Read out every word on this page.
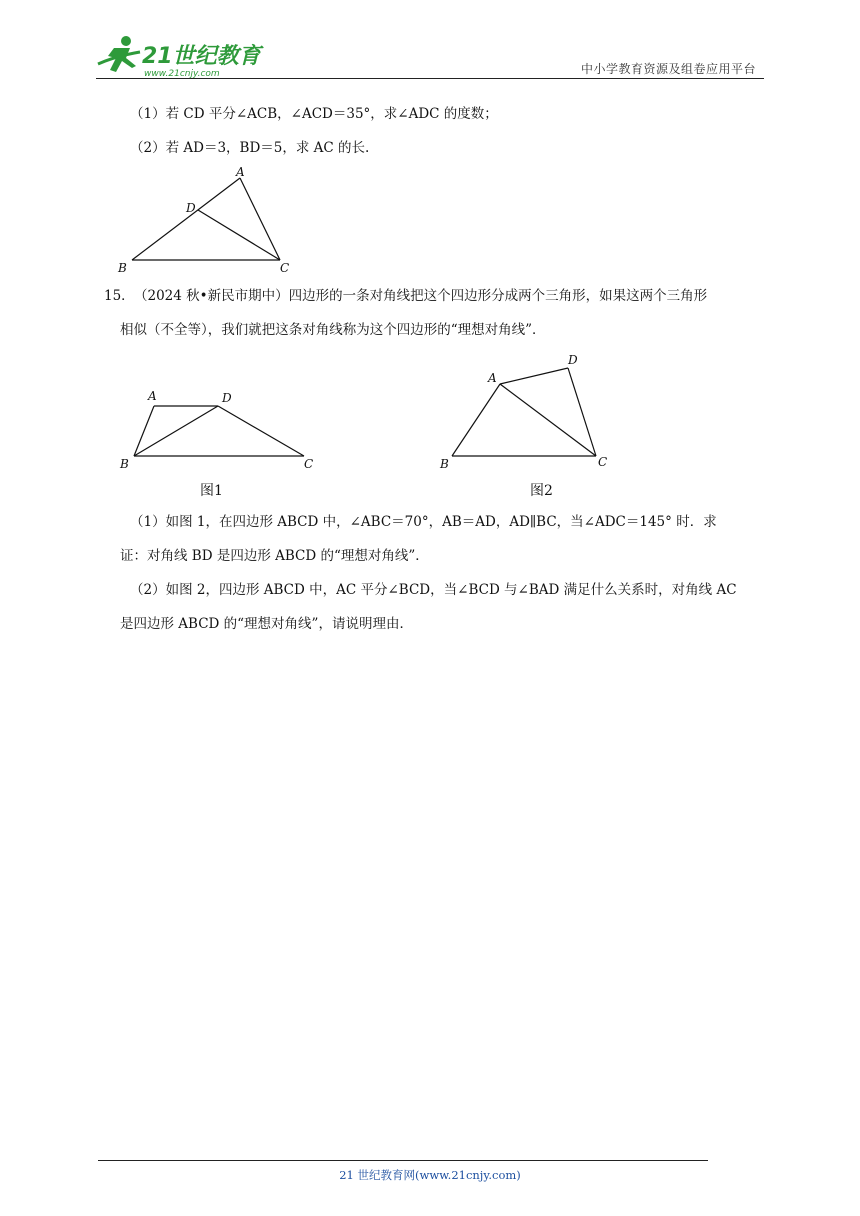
21世纪教育
www.21cnjy.com	中小学教育资源及组卷应用平台
（1）若 CD 平分∠ACB，∠ACD＝35°，求∠ADC 的度数；
（2）若 AD＝3，BD＝5，求 AC 的长.
A
D
B	C
15． （2024 秋•新民市期中）四边形的一条对角线把这个四边形分成两个三角形，如果这两个三角形
相似（不全等），我们就把这条对角线称为这个四边形的“理想对角线”．
A	D
B	C
图1
A
D
B	C
图2
（1）如图 1，在四边形 ABCD 中，∠ABC＝70°，AB＝AD，AD∥BC，当∠ADC＝145° 时．求
证：对角线 BD 是四边形 ABCD 的“理想对角线”．
（2）如图 2，四边形 ABCD 中，AC 平分∠BCD，当∠BCD 与∠BAD 满足什么关系时，对角线 AC
是四边形 ABCD 的“理想对角线”，请说明理由．
21 世纪教育网(www.21cnjy.com)
